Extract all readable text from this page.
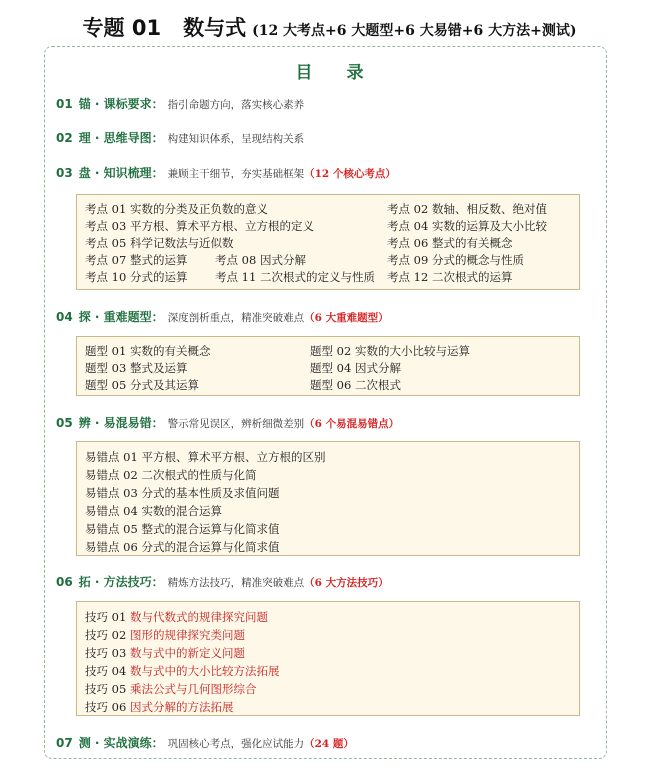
专题 01 数与式 (12 大考点+6 大题型+6 大易错+6 大方法+测试)
目 录
01 锚 · 课标要求： 指引命题方向，落实核心素养
02 理 · 思维导图： 构建知识体系，呈现结构关系
03 盘 · 知识梳理： 兼顾主干细节，夯实基础框架（12 个核心考点）
考点 01 实数的分类及正负数的意义	考点 02 数轴、相反数、绝对值
考点 03 平方根、算术平方根、立方根的定义	考点 04 实数的运算及大小比较
考点 05 科学记数法与近似数	考点 06 整式的有关概念
考点 07 整式的运算 考点 08 因式分解	考点 09 分式的概念与性质
考点 10 分式的运算 考点 11 二次根式的定义与性质 考点 12 二次根式的运算
04 探 · 重难题型： 深度剖析重点，精准突破难点（6 大重难题型）
题型 01 实数的有关概念	题型 02 实数的大小比较与运算
题型 03 整式及运算	题型 04 因式分解
题型 05 分式及其运算	题型 06 二次根式
05 辨 · 易混易错： 警示常见误区，辨析细微差别（6 个易混易错点）
易错点 01 平方根、算术平方根、立方根的区别
易错点 02 二次根式的性质与化简
易错点 03 分式的基本性质及求值问题
易错点 04 实数的混合运算
易错点 05 整式的混合运算与化简求值
易错点 06 分式的混合运算与化简求值
06 拓 · 方法技巧： 精炼方法技巧，精准突破难点（6 大方法技巧）
技巧 01 数与代数式的规律探究问题
技巧 02 图形的规律探究类问题
技巧 03 数与式中的新定义问题
技巧 04 数与式中的大小比较方法拓展
技巧 05 乘法公式与几何图形综合
技巧 06 因式分解的方法拓展
07 测 · 实战演练： 巩固核心考点，强化应试能力（24 题）
